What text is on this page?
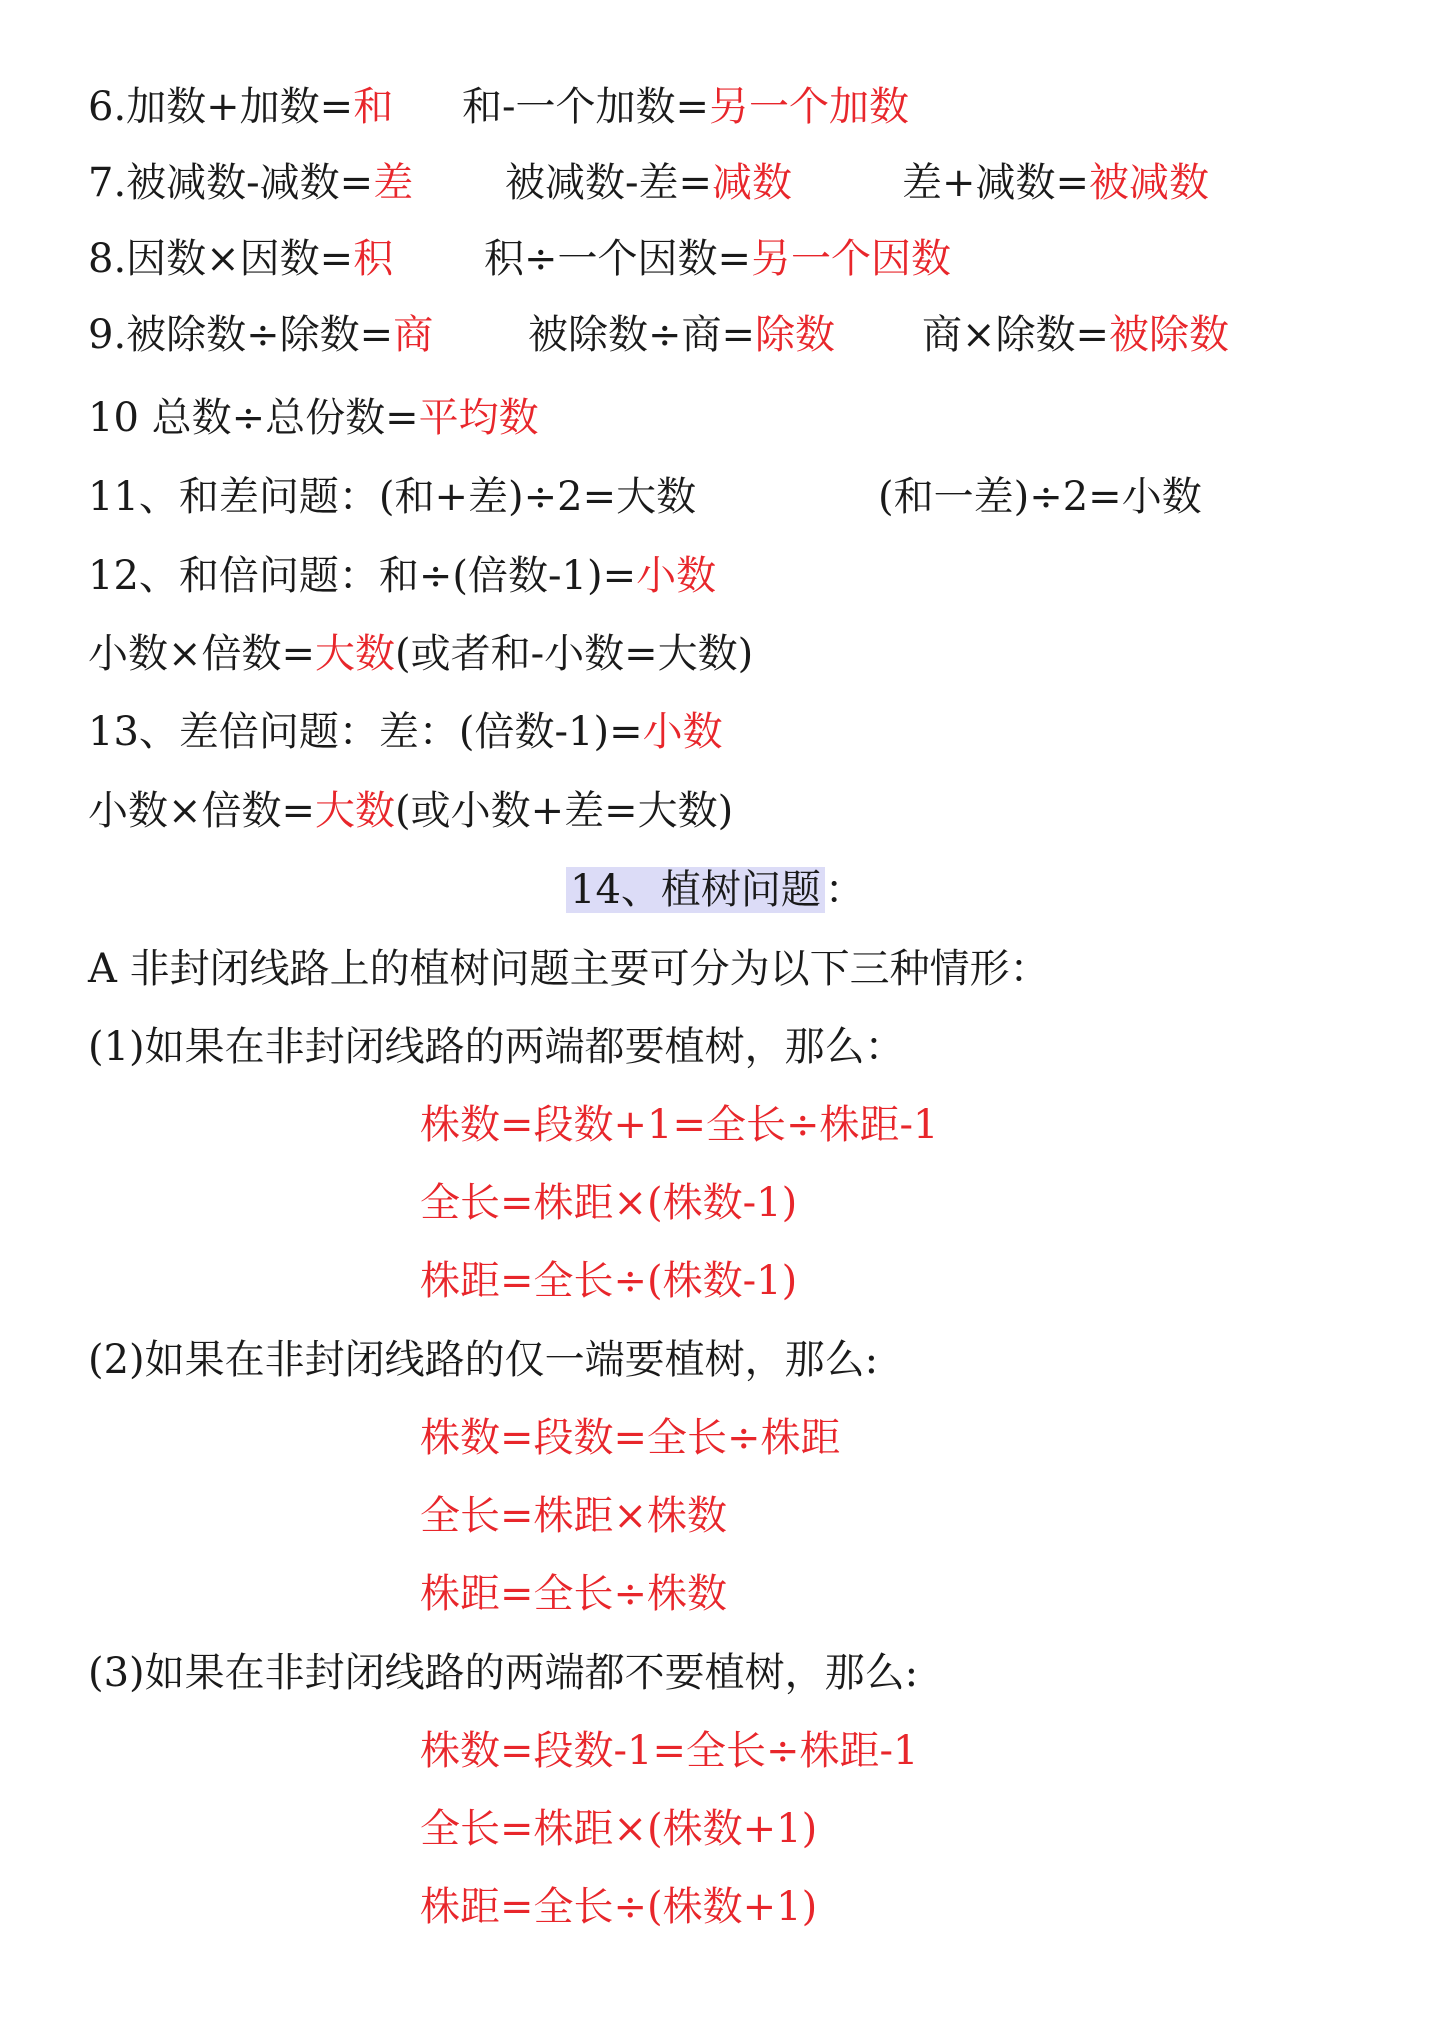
6.加数+加数=和 和-一个加数=另一个加数
7.被减数-减数=差 被减数-差=减数	差+减数=被减数
8.因数×因数=积 积÷一个因数=另一个因数
9.被除数÷除数=商 被除数÷商=除数 商×除数=被除数
10 总数÷总份数=平均数
11、和差问题：(和+差)÷2=大数	(和一差)÷2=小数
12、和倍问题：和÷(倍数-1)=小数
小数×倍数=大数(或者和-小数=大数)
13、差倍问题：差：(倍数-1)=小数
小数×倍数=大数(或小数+差=大数)
14、植树问题 ：
A 非封闭线路上的植树问题主要可分为以下三种情形：
(1)如果在非封闭线路的两端都要植树，那么：
株数=段数+1=全长÷株距-1
全长=株距×(株数-1)
株距=全长÷(株数-1)
(2)如果在非封闭线路的仅一端要植树，那么:
株数=段数=全长÷株距
全长=株距×株数
株距=全长÷株数
(3)如果在非封闭线路的两端都不要植树，那么:
株数=段数-1=全长÷株距-1
全长=株距×(株数+1)
株距=全长÷(株数+1)
